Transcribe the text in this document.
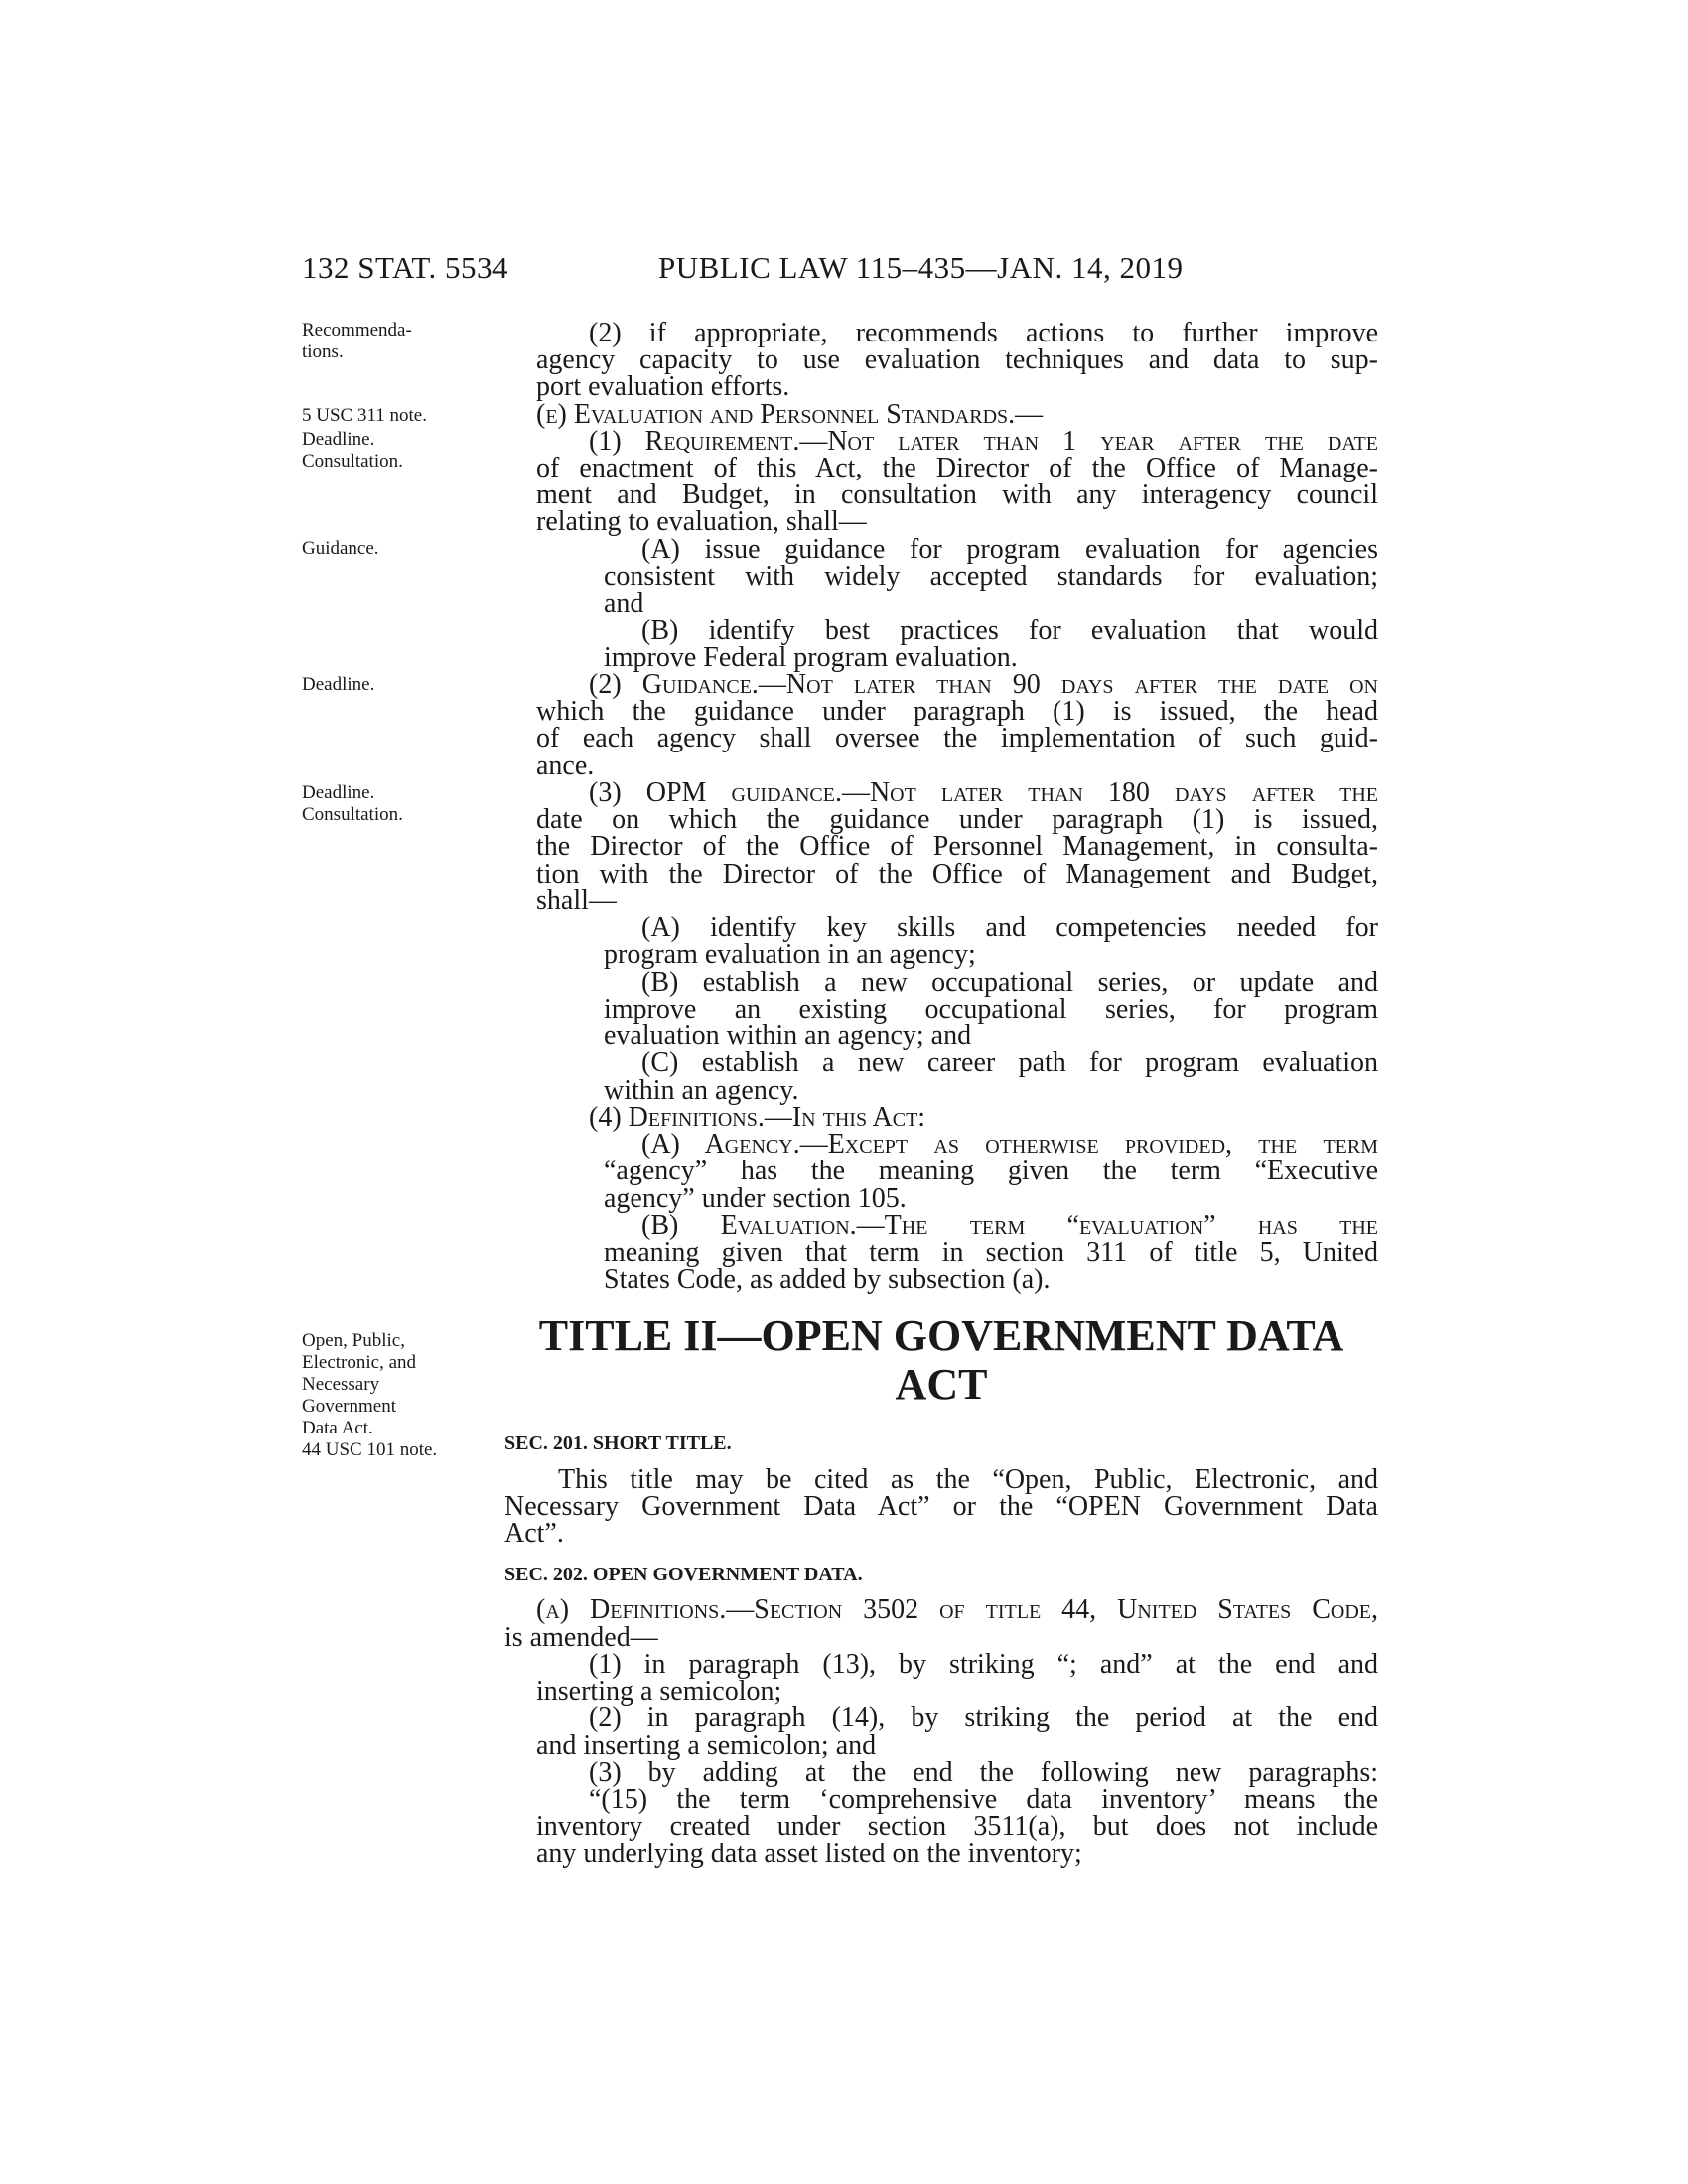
132 STAT. 5534	PUBLIC LAW 115–435—JAN. 14, 2019
Recommenda-
tions.
5 USC 311 note.
Deadline.
Consultation.
Guidance.
Deadline.
Deadline.
Consultation.
Open, Public,
Electronic, and
Necessary
Government
Data Act.
44 USC 101 note.
(2) if appropriate, recommends actions to further improve
agency capacity to use evaluation techniques and data to sup-
port evaluation efforts.
(e) Evaluation and Personnel Standards.—
(1) Requirement.—Not later than 1 year after the date
of enactment of this Act, the Director of the Office of Manage-
ment and Budget, in consultation with any interagency council
relating to evaluation, shall—
(A) issue guidance for program evaluation for agencies
consistent with widely accepted standards for evaluation;
and
(B) identify best practices for evaluation that would
improve Federal program evaluation.
(2) Guidance.—Not later than 90 days after the date on
which the guidance under paragraph (1) is issued, the head
of each agency shall oversee the implementation of such guid-
ance.
(3) OPM guidance.—Not later than 180 days after the
date on which the guidance under paragraph (1) is issued,
the Director of the Office of Personnel Management, in consulta-
tion with the Director of the Office of Management and Budget,
shall—
(A) identify key skills and competencies needed for
program evaluation in an agency;
(B) establish a new occupational series, or update and
improve an existing occupational series, for program
evaluation within an agency; and
(C) establish a new career path for program evaluation
within an agency.
(4) Definitions.—In this Act:
(A) Agency.—Except as otherwise provided, the term
“agency” has the meaning given the term “Executive
agency” under section 105.
(B) Evaluation.—The term “evaluation” has the
meaning given that term in section 311 of title 5, United
States Code, as added by subsection (a).
TITLE II—OPEN GOVERNMENT DATA
ACT
SEC. 201. SHORT TITLE.
This title may be cited as the “Open, Public, Electronic, and
Necessary Government Data Act” or the “OPEN Government Data
Act”.
SEC. 202. OPEN GOVERNMENT DATA.
(a) Definitions.—Section 3502 of title 44, United States Code,
is amended—
(1) in paragraph (13), by striking “; and” at the end and
inserting a semicolon;
(2) in paragraph (14), by striking the period at the end
and inserting a semicolon; and
(3) by adding at the end the following new paragraphs:
“(15) the term ‘comprehensive data inventory’ means the
inventory created under section 3511(a), but does not include
any underlying data asset listed on the inventory;
